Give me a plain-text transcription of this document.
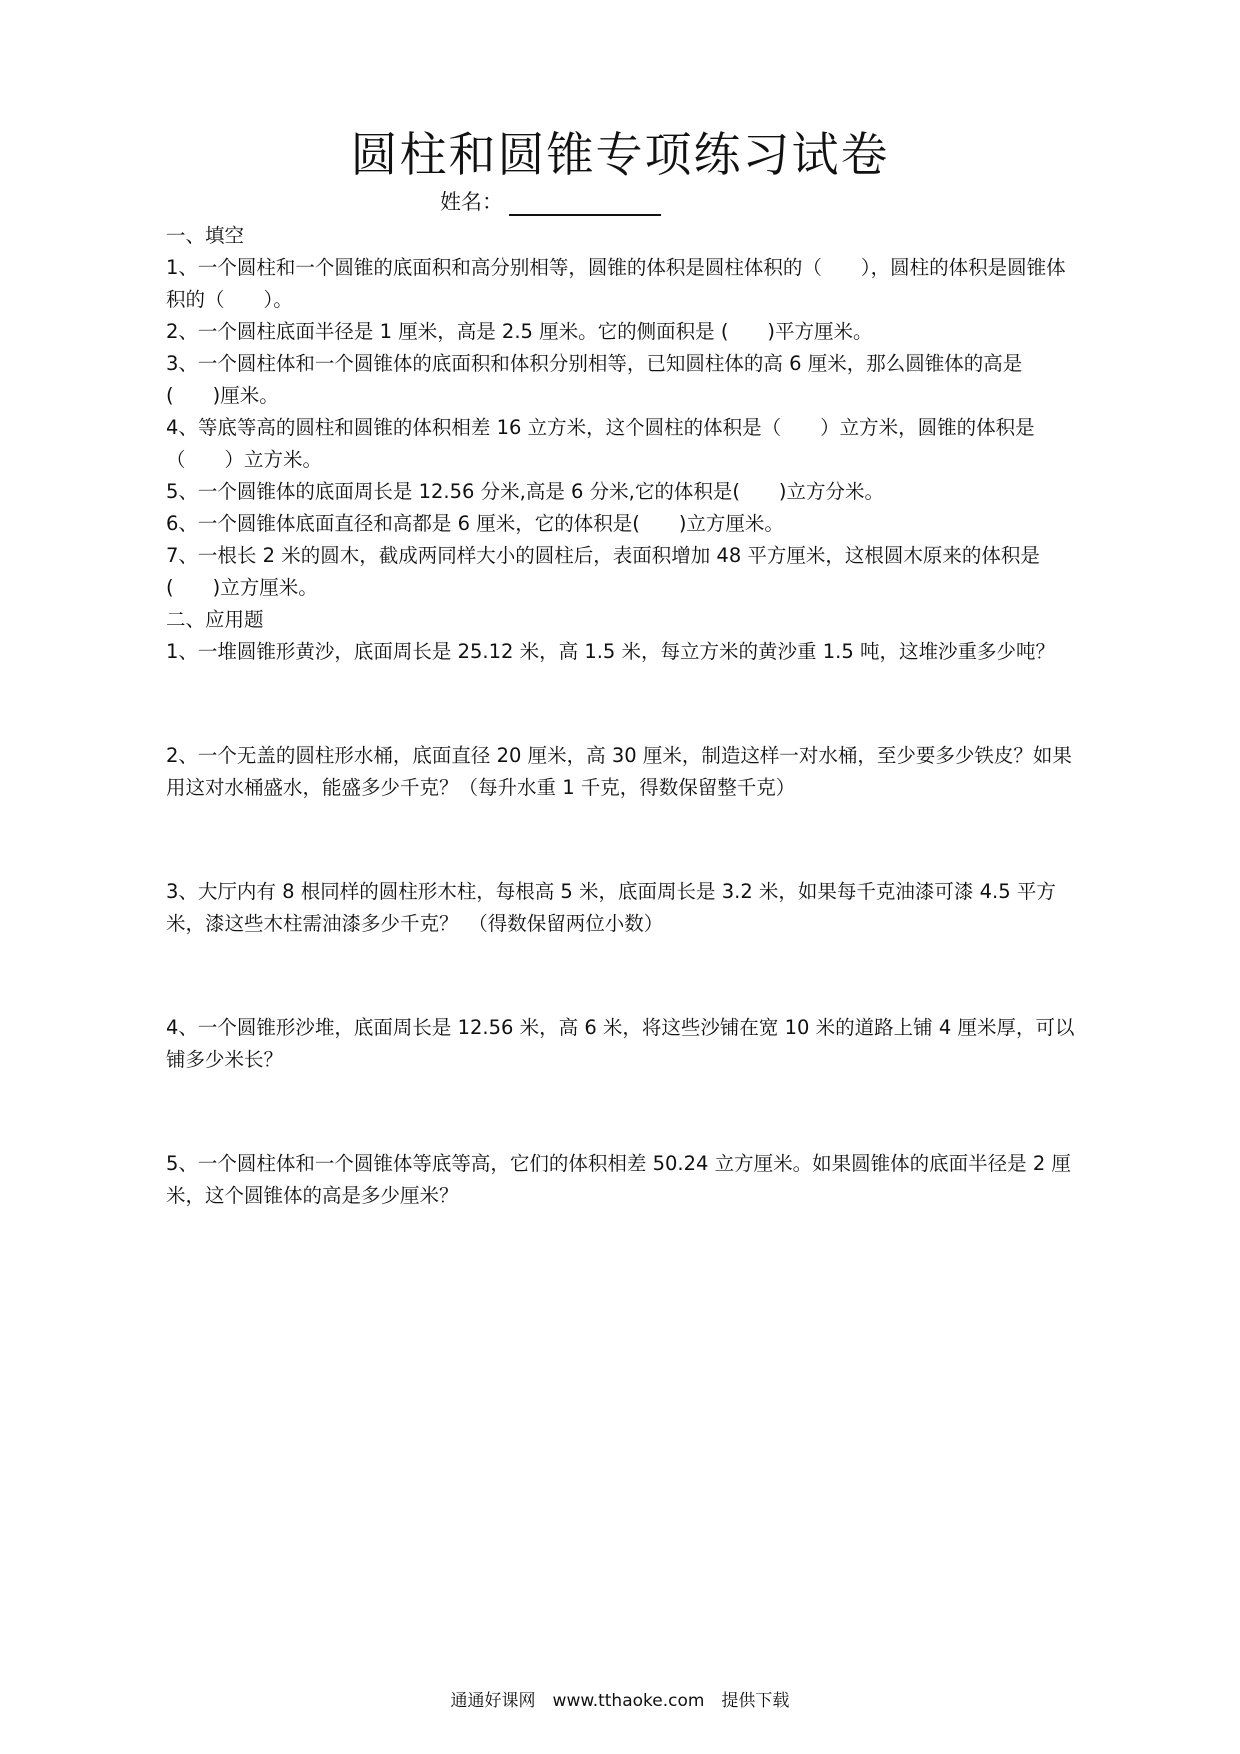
圆柱和圆锥专项练习试卷
姓名：
一、填空
1、一个圆柱和一个圆锥的底面积和高分别相等，圆锥的体积是圆柱体积的（　　），圆柱的体积是圆锥体积的（　　）。
2、一个圆柱底面半径是 1 厘米，高是 2.5 厘米。它的侧面积是 (　　)平方厘米。
3、一个圆柱体和一个圆锥体的底面积和体积分别相等，已知圆柱体的高 6 厘米，那么圆锥体的高是 (　　)厘米。
4、等底等高的圆柱和圆锥的体积相差 16 立方米，这个圆柱的体积是（　　）立方米，圆锥的体积是（　　）立方米。
5、一个圆锥体的底面周长是 12.56 分米,高是 6 分米,它的体积是(　　)立方分米。
6、一个圆锥体底面直径和高都是 6 厘米，它的体积是(　　)立方厘米。
7、一根长 2 米的圆木，截成两同样大小的圆柱后，表面积增加 48 平方厘米，这根圆木原来的体积是(　　)立方厘米。
二、应用题
1、一堆圆锥形黄沙，底面周长是 25.12 米，高 1.5 米，每立方米的黄沙重 1.5 吨，这堆沙重多少吨？
2、一个无盖的圆柱形水桶，底面直径 20 厘米，高 30 厘米，制造这样一对水桶，至少要多少铁皮？如果用这对水桶盛水，能盛多少千克？（每升水重 1 千克，得数保留整千克）
3、大厅内有 8 根同样的圆柱形木柱，每根高 5 米，底面周长是 3.2 米，如果每千克油漆可漆 4.5 平方米，漆这些木柱需油漆多少千克？　（得数保留两位小数）
4、一个圆锥形沙堆，底面周长是 12.56 米，高 6 米，将这些沙铺在宽 10 米的道路上铺 4 厘米厚，可以铺多少米长？
5、一个圆柱体和一个圆锥体等底等高，它们的体积相差 50.24 立方厘米。如果圆锥体的底面半径是 2 厘米，这个圆锥体的高是多少厘米？
通通好课网　www.tthaoke.com　提供下载
